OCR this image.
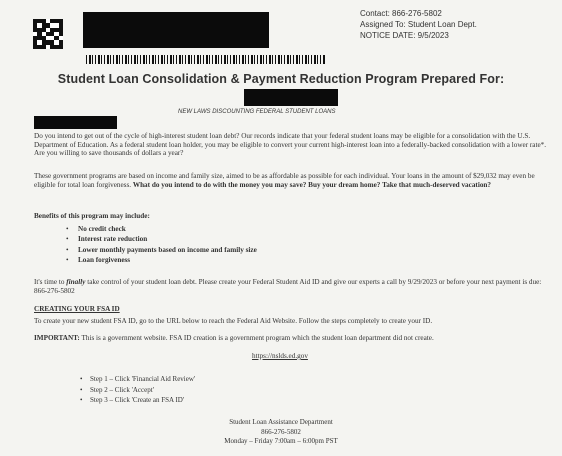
Contact: 866-276-5802
Assigned To: Student Loan Dept.
NOTICE DATE: 9/5/2023
Student Loan Consolidation & Payment Reduction Program Prepared For:
NEW LAWS DISCOUNTING FEDERAL STUDENT LOANS
Do you intend to get out of the cycle of high-interest student loan debt? Our records indicate that your federal student loans may be eligible for a consolidation with the U.S. Department of Education. As a federal student loan holder, you may be eligible to convert your current high-interest loan into a federally-backed consolidation with a lower rate*. Are you willing to save thousands of dollars a year?
These government programs are based on income and family size, aimed to be as affordable as possible for each individual. Your loans in the amount of $29,032 may even be eligible for total loan forgiveness. What do you intend to do with the money you may save? Buy your dream home? Take that much-deserved vacation?
Benefits of this program may include:
• No credit check
• Interest rate reduction
• Lower monthly payments based on income and family size
• Loan forgiveness
It's time to finally take control of your student loan debt. Please create your Federal Student Aid ID and give our experts a call by 9/29/2023 or before your next payment is due: 866-276-5802
CREATING YOUR FSA ID
To create your new student FSA ID, go to the URL below to reach the Federal Aid Website. Follow the steps completely to create your ID.
IMPORTANT: This is a government website. FSA ID creation is a government program which the student loan department did not create.
https://nslds.ed.gov
• Step 1 – Click 'Financial Aid Review'
• Step 2 – Click 'Accept'
• Step 3 – Click 'Create an FSA ID'
Student Loan Assistance Department
866-276-5802
Monday – Friday 7:00am – 6:00pm PST
